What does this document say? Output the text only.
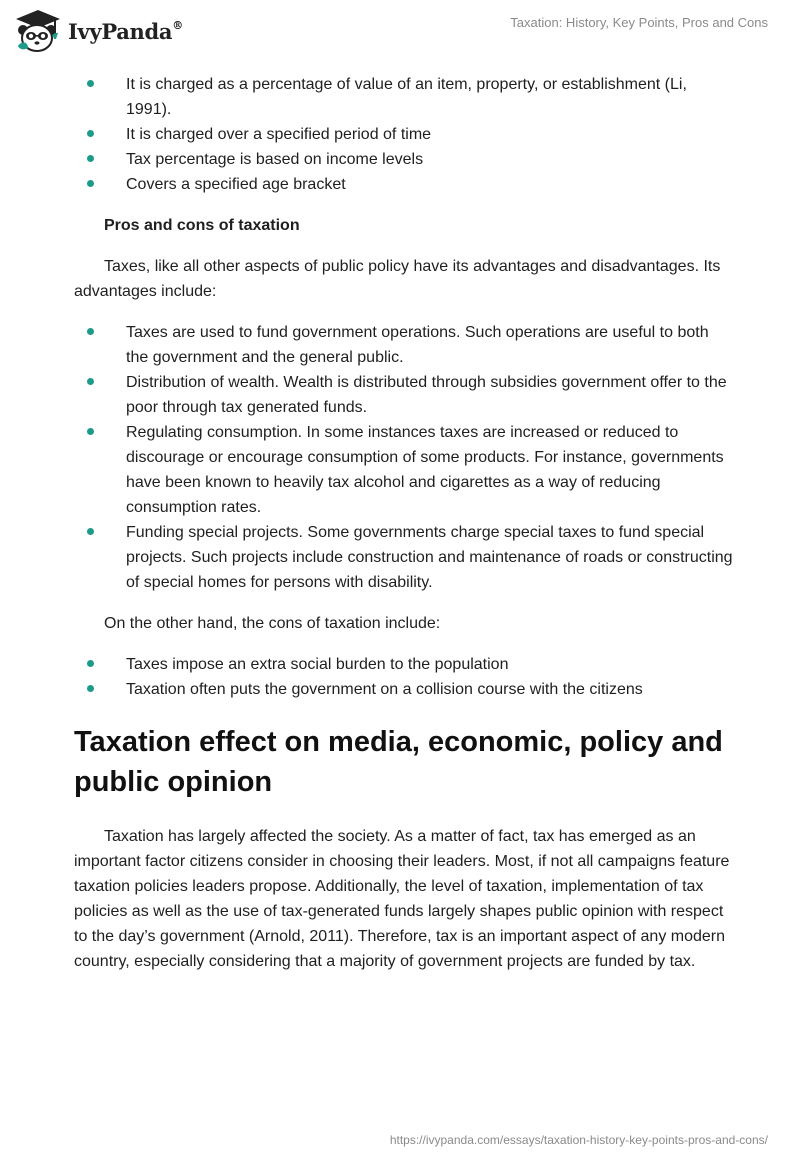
IvyPanda®	Taxation: History, Key Points, Pros and Cons
It is charged as a percentage of value of an item, property, or establishment (Li, 1991).
It is charged over a specified period of time
Tax percentage is based on income levels
Covers a specified age bracket
Pros and cons of taxation

Taxes, like all other aspects of public policy have its advantages and disadvantages. Its advantages include:

Taxes are used to fund government operations. Such operations are useful to both the government and the general public.
Distribution of wealth. Wealth is distributed through subsidies government offer to the poor through tax generated funds.
Regulating consumption. In some instances taxes are increased or reduced to discourage or encourage consumption of some products. For instance, governments have been known to heavily tax alcohol and cigarettes as a way of reducing consumption rates.
Funding special projects. Some governments charge special taxes to fund special projects. Such projects include construction and maintenance of roads or constructing of special homes for persons with disability.

On the other hand, the cons of taxation include:

Taxes impose an extra social burden to the population
Taxation often puts the government on a collision course with the citizens
Taxation effect on media, economic, policy and public opinion

Taxation has largely affected the society. As a matter of fact, tax has emerged as an important factor citizens consider in choosing their leaders. Most, if not all campaigns feature taxation policies leaders propose. Additionally, the level of taxation, implementation of tax policies as well as the use of tax-generated funds largely shapes public opinion with respect to the day’s government (Arnold, 2011). Therefore, tax is an important aspect of any modern country, especially considering that a majority of government projects are funded by tax.

https://ivypanda.com/essays/taxation-history-key-points-pros-and-cons/
